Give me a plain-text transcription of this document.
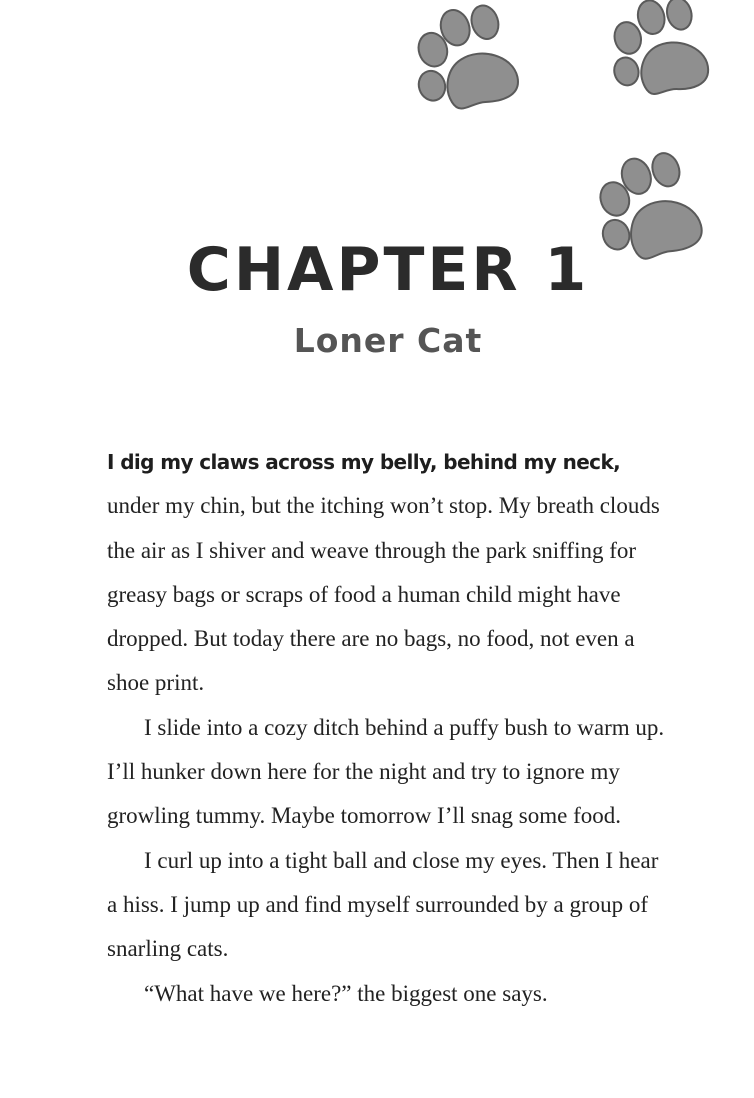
CHAPTER 1
Loner Cat

I dig my claws across my belly, behind my neck, under my chin, but the itching won’t stop. My breath clouds the air as I shiver and weave through the park sniffing for greasy bags or scraps of food a human child might have dropped. But today there are no bags, no food, not even a shoe print.

I slide into a cozy ditch behind a puffy bush to warm up. I’ll hunker down here for the night and try to ignore my growling tummy. Maybe tomorrow I’ll snag some food.

I curl up into a tight ball and close my eyes. Then I hear a hiss. I jump up and find myself surrounded by a group of snarling cats.

“What have we here?” the biggest one says.
